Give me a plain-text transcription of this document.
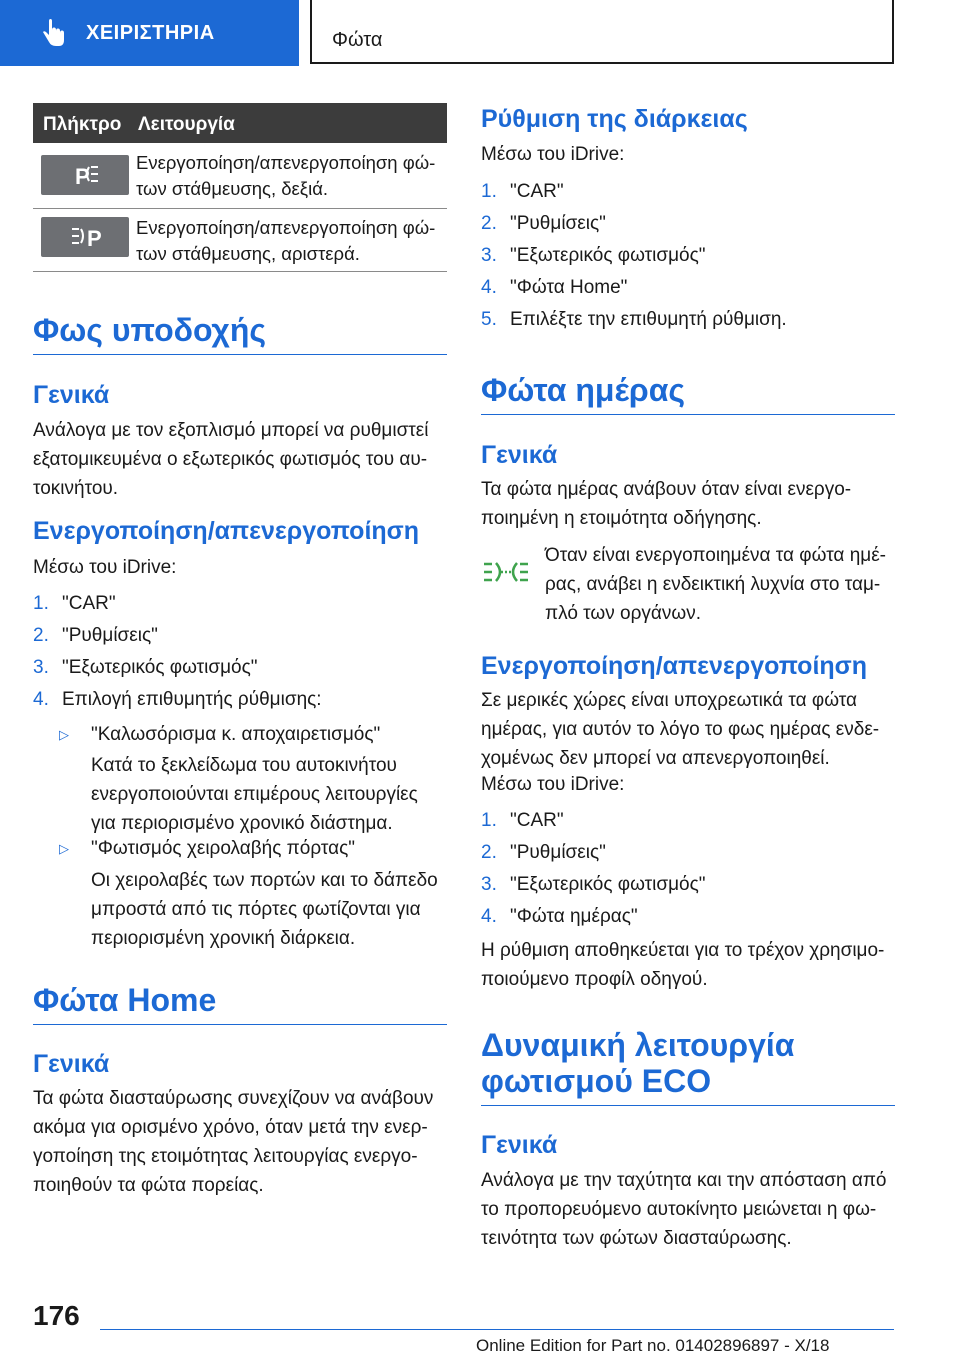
ΧΕΙΡΙΣΤΗΡΙΑ	Φώτα
Πλήκτρο Λειτουργία
P
Ενεργοποίηση/απενεργοποίηση φώ-των στάθμευσης, δεξιά.
P Ενεργοποίηση/απενεργοποίηση φώ-των στάθμευσης, αριστερά.
Φως υποδοχής
Γενικά
Ανάλογα με τον εξοπλισμό μπορεί να ρυθμιστεί εξατομικευμένα ο εξωτερικός φωτισμός του αυ-τοκινήτου.
Ενεργοποίηση/απενεργοποίηση
Μέσω του iDrive:
1. "CAR"
2. "Ρυθμίσεις"
3. "Εξωτερικός φωτισμός"
4. Επιλογή επιθυμητής ρύθμισης:
▷ "Καλωσόρισμα κ. αποχαιρετισμός"
Κατά το ξεκλείδωμα του αυτοκινήτου ενεργοποιούνται επιμέρους λειτουργίες για περιορισμένο χρονικό διάστημα.
▷ "Φωτισμός χειρολαβής πόρτας"
Οι χειρολαβές των πορτών και το δάπεδο μπροστά από τις πόρτες φωτίζονται για περιορισμένη χρονική διάρκεια.
Φώτα Home
Γενικά
Τα φώτα διασταύρωσης συνεχίζουν να ανάβουν ακόμα για ορισμένο χρόνο, όταν μετά την ενερ-γοποίηση της ετοιμότητας λειτουργίας ενεργο-ποιηθούν τα φώτα πορείας.
Ρύθμιση της διάρκειας
Μέσω του iDrive:
1. "CAR"
2. "Ρυθμίσεις"
3. "Εξωτερικός φωτισμός"
4. "Φώτα Home"
5. Επιλέξτε την επιθυμητή ρύθμιση.
Φώτα ημέρας
Γενικά
Τα φώτα ημέρας ανάβουν όταν είναι ενεργο-ποιημένη η ετοιμότητα οδήγησης.
Όταν είναι ενεργοποιημένα τα φώτα ημέ-ρας, ανάβει η ενδεικτική λυχνία στο ταμ-πλό των οργάνων.
Ενεργοποίηση/απενεργοποίηση
Σε μερικές χώρες είναι υποχρεωτικά τα φώτα ημέρας, για αυτόν το λόγο το φως ημέρας ενδε-χομένως δεν μπορεί να απενεργοποιηθεί.
Μέσω του iDrive:
1. "CAR"
2. "Ρυθμίσεις"
3. "Εξωτερικός φωτισμός"
4. "Φώτα ημέρας"
Η ρύθμιση αποθηκεύεται για το τρέχον χρησιμο-ποιούμενο προφίλ οδηγού.
Δυναμική λειτουργία
φωτισμού ECO
Γενικά
Ανάλογα με την ταχύτητα και την απόσταση από το προπορευόμενο αυτοκίνητο μειώνεται η φω-τεινότητα των φώτων διασταύρωσης.
176
Online Edition for Part no. 01402896897 - X/18
